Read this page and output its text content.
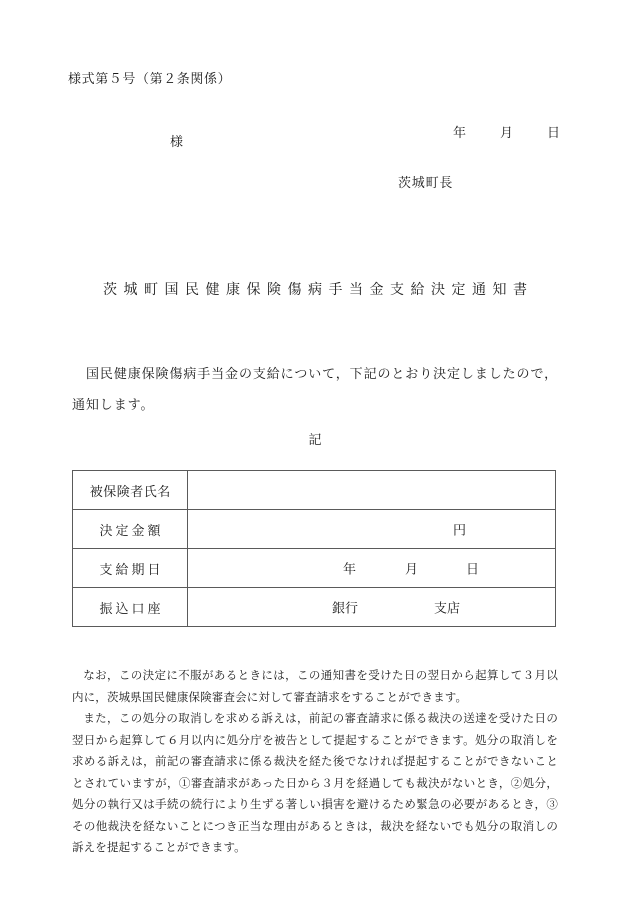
様式第５号（第２条関係）

年	月	日

様
茨城町長
茨城町国民健康保険傷病手当金支給決定通知書
国民健康保険傷病手当金の支給について，下記のとおり決定しましたので，通知します。
記
被保険者氏名	

決定金額	円

支給期日	年 月 日

振込口座	銀行 支店

なお，この決定に不服があるときには，この通知書を受けた日の翌日から起算して３月以内に，茨城県国民健康保険審査会に対して審査請求をすることができます。

また，この処分の取消しを求める訴えは，前記の審査請求に係る裁決の送達を受けた日の翌日から起算して６月以内に処分庁を被告として提起することができます。処分の取消しを求める訴えは，前記の審査請求に係る裁決を経た後でなければ提起することができないこととされていますが，①審査請求があった日から３月を経過しても裁決がないとき，②処分，処分の執行又は手続の続行により生ずる著しい損害を避けるため緊急の必要があるとき，③その他裁決を経ないことにつき正当な理由があるときは，裁決を経ないでも処分の取消しの訴えを提起することができます。
